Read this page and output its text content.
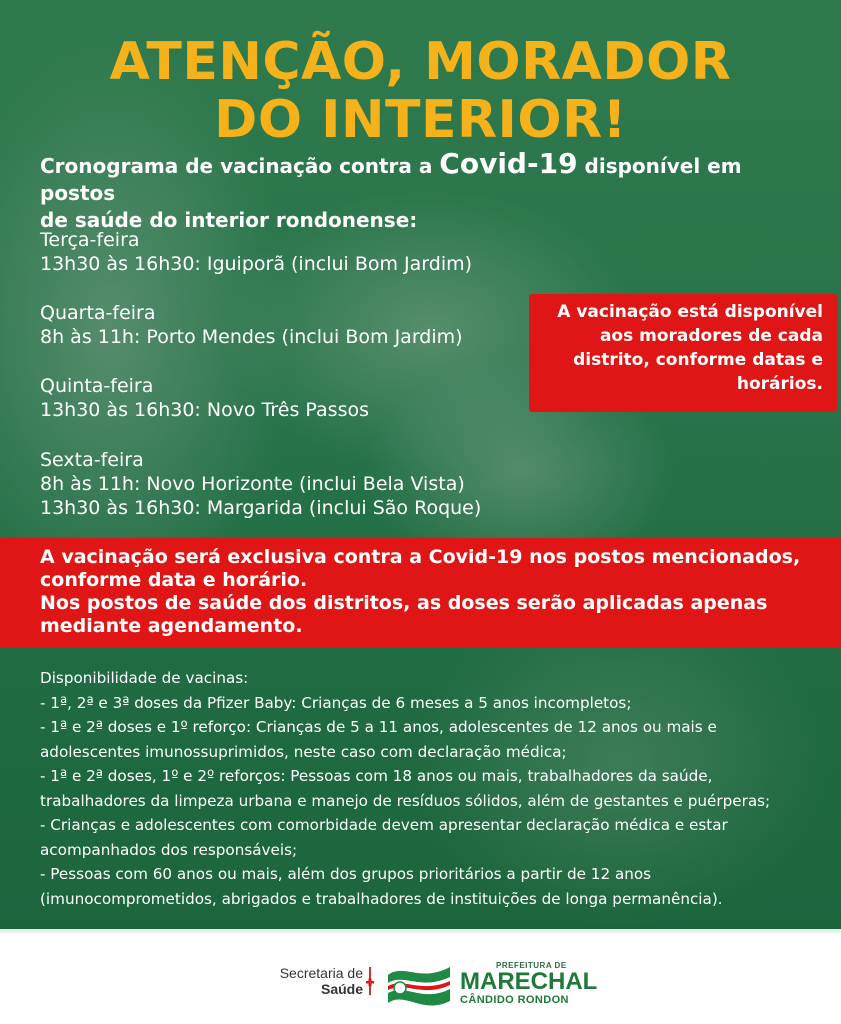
ATENÇÃO, MORADOR
DO INTERIOR!
Cronograma de vacinação contra a Covid-19 disponível em postos
de saúde do interior rondonense:
Terça-feira
13h30 às 16h30: Iguiporã (inclui Bom Jardim)
Quarta-feira
8h às 11h: Porto Mendes (inclui Bom Jardim)
Quinta-feira
13h30 às 16h30: Novo Três Passos
Sexta-feira
8h às 11h: Novo Horizonte (inclui Bela Vista)
13h30 às 16h30: Margarida (inclui São Roque)
A vacinação está disponível
aos moradores de cada
distrito, conforme datas e
horários.
A vacinação será exclusiva contra a Covid-19 nos postos mencionados,
conforme data e horário.
Nos postos de saúde dos distritos, as doses serão aplicadas apenas
mediante agendamento.
Disponibilidade de vacinas:
- 1ª, 2ª e 3ª doses da Pfizer Baby: Crianças de 6 meses a 5 anos incompletos;
- 1ª e 2ª doses e 1º reforço: Crianças de 5 a 11 anos, adolescentes de 12 anos ou mais e
adolescentes imunossuprimidos, neste caso com declaração médica;
- 1ª e 2ª doses, 1º e 2º reforços: Pessoas com 18 anos ou mais, trabalhadores da saúde,
trabalhadores da limpeza urbana e manejo de resíduos sólidos, além de gestantes e puérperas;
- Crianças e adolescentes com comorbidade devem apresentar declaração médica e estar
acompanhados dos responsáveis;
- Pessoas com 60 anos ou mais, além dos grupos prioritários a partir de 12 anos
(imunocomprometidos, abrigados e trabalhadores de instituições de longa permanência).
Secretaria de
Saúde
PREFEITURA DE
MARECHAL
CÂNDIDO RONDON
